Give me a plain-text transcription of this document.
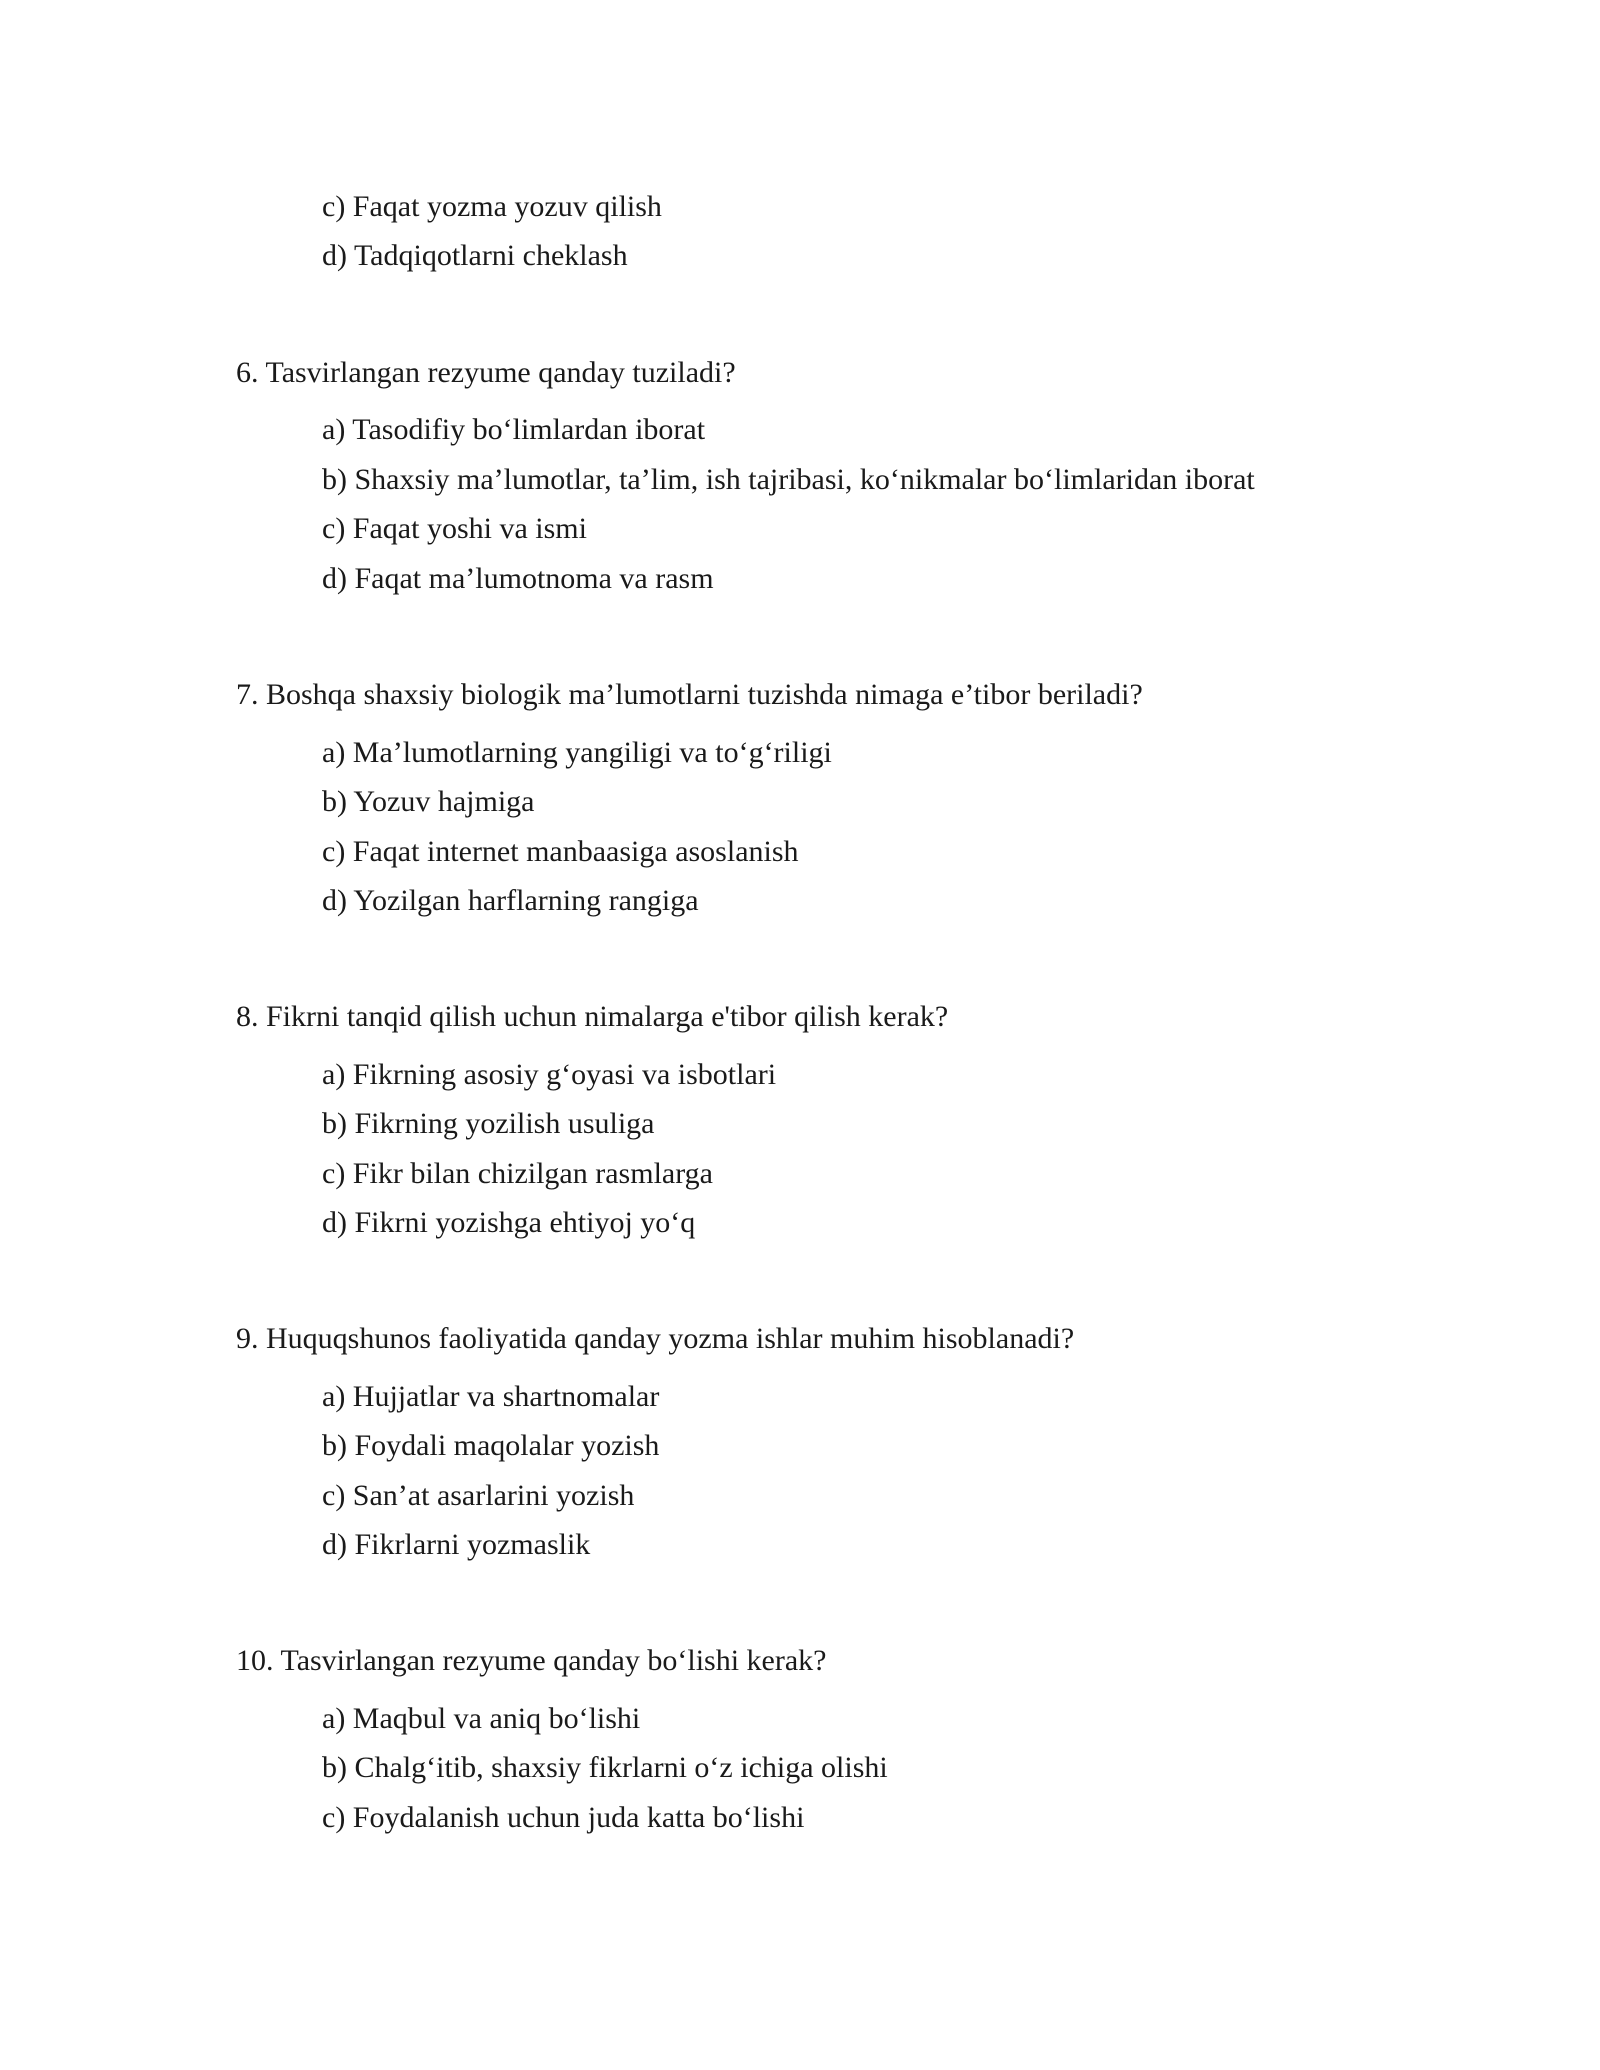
c) Faqat yozma yozuv qilish
d) Tadqiqotlarni cheklash
6. Tasvirlangan rezyume qanday tuziladi?
a) Tasodifiy bo‘limlardan iborat
b) Shaxsiy ma’lumotlar, ta’lim, ish tajribasi, ko‘nikmalar bo‘limlaridan iborat
c) Faqat yoshi va ismi
d) Faqat ma’lumotnoma va rasm
7. Boshqa shaxsiy biologik ma’lumotlarni tuzishda nimaga e’tibor beriladi?
a) Ma’lumotlarning yangiligi va to‘g‘riligi
b) Yozuv hajmiga
c) Faqat internet manbaasiga asoslanish
d) Yozilgan harflarning rangiga
8. Fikrni tanqid qilish uchun nimalarga e'tibor qilish kerak?
a) Fikrning asosiy g‘oyasi va isbotlari
b) Fikrning yozilish usuliga
c) Fikr bilan chizilgan rasmlarga
d) Fikrni yozishga ehtiyoj yo‘q
9. Huquqshunos faoliyatida qanday yozma ishlar muhim hisoblanadi?
a) Hujjatlar va shartnomalar
b) Foydali maqolalar yozish
c) San’at asarlarini yozish
d) Fikrlarni yozmaslik
10. Tasvirlangan rezyume qanday bo‘lishi kerak?
a) Maqbul va aniq bo‘lishi
b) Chalg‘itib, shaxsiy fikrlarni o‘z ichiga olishi
c) Foydalanish uchun juda katta bo‘lishi
